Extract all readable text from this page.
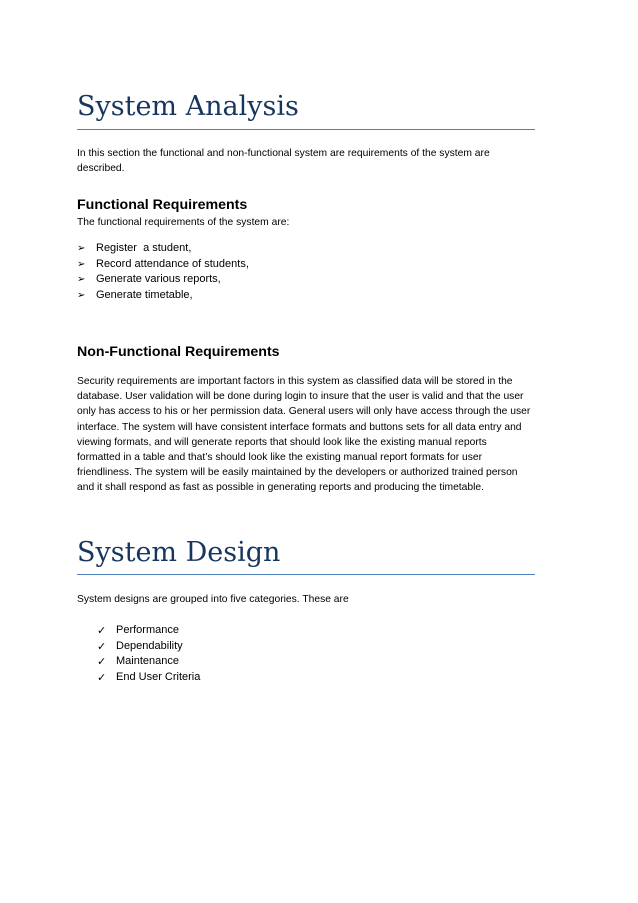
System Analysis

In this section the functional and non-functional system are requirements of the system are
described.

Functional Requirements

The functional requirements of the system are:

➢ Register  a student,
➢ Record attendance of students,
➢ Generate various reports,
➢ Generate timetable,
Non-Functional Requirements

Security requirements are important factors in this system as classified data will be stored in the
database. User validation will be done during login to insure that the user is valid and that the user
only has access to his or her permission data. General users will only have access through the user
interface. The system will have consistent interface formats and buttons sets for all data entry and
viewing formats, and will generate reports that should look like the existing manual reports
formatted in a table and that’s should look like the existing manual report formats for user
friendliness. The system will be easily maintained by the developers or authorized trained person
and it shall respond as fast as possible in generating reports and producing the timetable.

System Design

System designs are grouped into five categories. These are

✓ Performance
✓ Dependability
✓ Maintenance
✓ End User Criteria
